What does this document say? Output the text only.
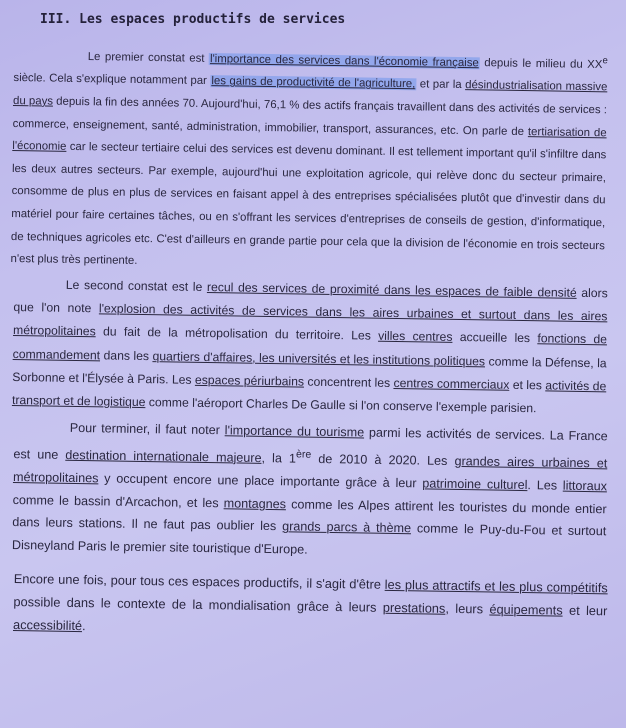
III. Les espaces productifs de services

Le premier constat est l'importance des services dans l'économie française depuis le milieu du XXe siècle. Cela s'explique notamment par les gains de productivité de l'agriculture, et par la désindustrialisation massive du pays depuis la fin des années 70. Aujourd'hui, 76,1 % des actifs français travaillent dans des activités de services : commerce, enseignement, santé, administration, immobilier, transport, assurances, etc. On parle de tertiarisation de l'économie car le secteur tertiaire celui des services est devenu dominant. Il est tellement important qu'il s'infiltre dans les deux autres secteurs. Par exemple, aujourd'hui une exploitation agricole, qui relève donc du secteur primaire, consomme de plus en plus de services en faisant appel à des entreprises spécialisées plutôt que d'investir dans du matériel pour faire certaines tâches, ou en s'offrant les services d'entreprises de conseils de gestion, d'informatique, de techniques agricoles etc. C'est d'ailleurs en grande partie pour cela que la division de l'économie en trois secteurs n'est plus très pertinente.

Le second constat est le recul des services de proximité dans les espaces de faible densité alors que l'on note l'explosion des activités de services dans les aires urbaines et surtout dans les aires métropolitaines du fait de la métropolisation du territoire. Les villes centres accueille les fonctions de commandement dans les quartiers d'affaires, les universités et les institutions politiques comme la Défense, la Sorbonne et l'Élysée à Paris. Les espaces périurbains concentrent les centres commerciaux et les activités de transport et de logistique comme l'aéroport Charles De Gaulle si l'on conserve l'exemple parisien.

Pour terminer, il faut noter l'importance du tourisme parmi les activités de services. La France est une destination internationale majeure, la 1ère de 2010 à 2020. Les grandes aires urbaines et métropolitaines y occupent encore une place importante grâce à leur patrimoine culturel. Les littoraux comme le bassin d'Arcachon, et les montagnes comme les Alpes attirent les touristes du monde entier dans leurs stations. Il ne faut pas oublier les grands parcs à thème comme le Puy-du-Fou et surtout Disneyland Paris le premier site touristique d'Europe.

Encore une fois, pour tous ces espaces productifs, il s'agit d'être les plus attractifs et les plus compétitifs possible dans le contexte de la mondialisation grâce à leurs prestations, leurs équipements et leur accessibilité.
